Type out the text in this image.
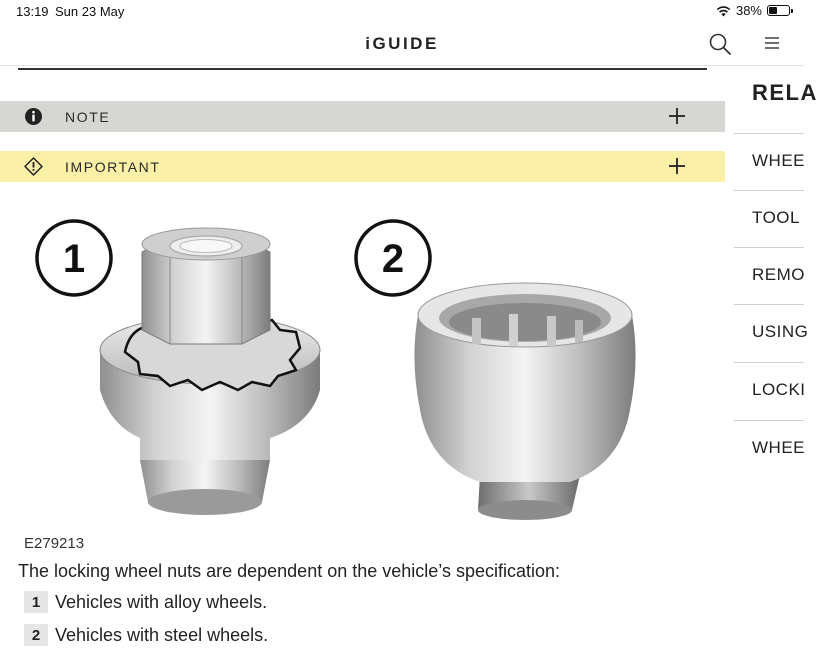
13:19 Sun 23 May	38%
iGUIDE
NOTE
IMPORTANT
1	2
E279213
The locking wheel nuts are dependent on the vehicle’s specification:
1 Vehicles with alloy wheels.
2 Vehicles with steel wheels.
RELA
WHEE
TOOL
REMO
USING
LOCKI
WHEE
